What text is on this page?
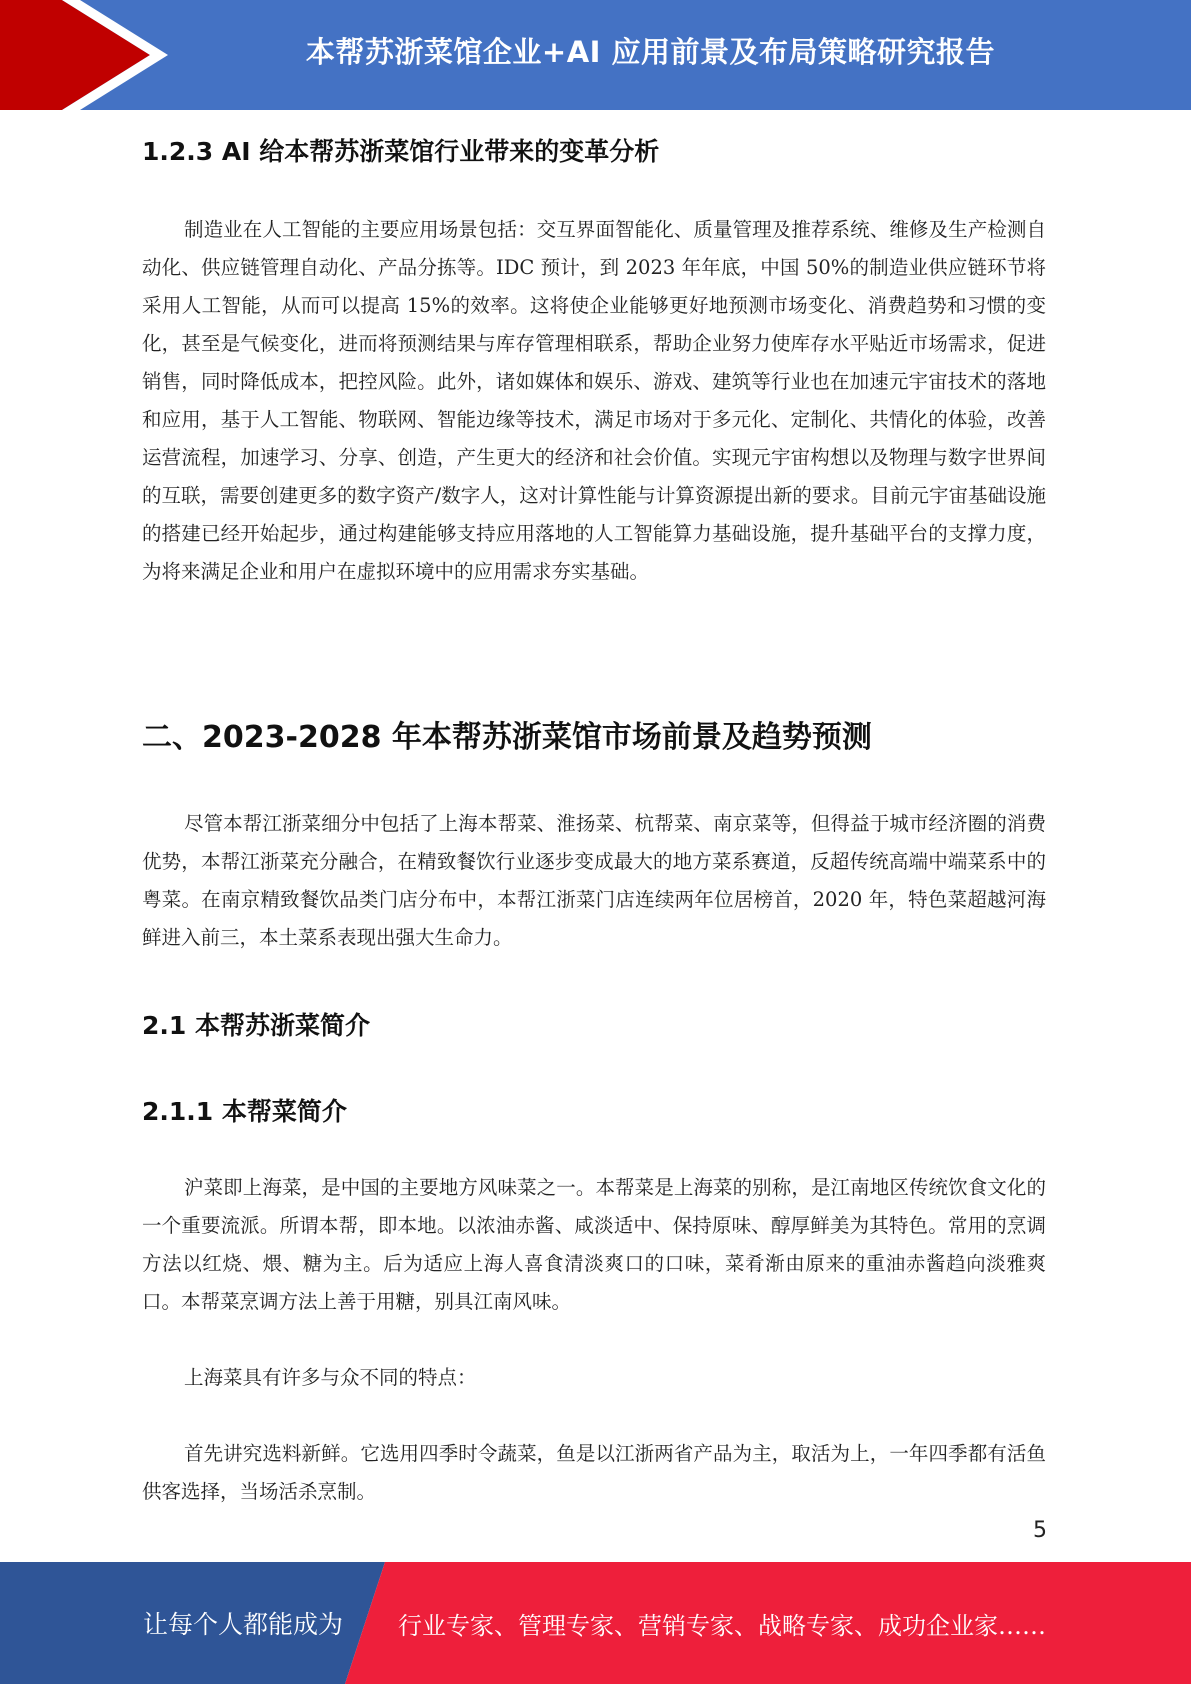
本帮苏浙菜馆企业+AI 应用前景及布局策略研究报告
1.2.3 AI 给本帮苏浙菜馆行业带来的变革分析

制造业在人工智能的主要应用场景包括：交互界面智能化、质量管理及推荐系统、维修及生产检测自动化、供应链管理自动化、产品分拣等。IDC 预计，到 2023 年年底，中国 50%的制造业供应链环节将采用人工智能，从而可以提高 15%的效率。这将使企业能够更好地预测市场变化、消费趋势和习惯的变化，甚至是气候变化，进而将预测结果与库存管理相联系，帮助企业努力使库存水平贴近市场需求，促进销售，同时降低成本，把控风险。此外，诸如媒体和娱乐、游戏、建筑等行业也在加速元宇宙技术的落地和应用，基于人工智能、物联网、智能边缘等技术，满足市场对于多元化、定制化、共情化的体验，改善运营流程，加速学习、分享、创造，产生更大的经济和社会价值。实现元宇宙构想以及物理与数字世界间的互联，需要创建更多的数字资产/数字人，这对计算性能与计算资源提出新的要求。目前元宇宙基础设施的搭建已经开始起步，通过构建能够支持应用落地的人工智能算力基础设施，提升基础平台的支撑力度，为将来满足企业和用户在虚拟环境中的应用需求夯实基础。

二、2023-2028 年本帮苏浙菜馆市场前景及趋势预测

尽管本帮江浙菜细分中包括了上海本帮菜、淮扬菜、杭帮菜、南京菜等，但得益于城市经济圈的消费优势，本帮江浙菜充分融合，在精致餐饮行业逐步变成最大的地方菜系赛道，反超传统高端中端菜系中的粤菜。在南京精致餐饮品类门店分布中，本帮江浙菜门店连续两年位居榜首，2020 年，特色菜超越河海鲜进入前三，本土菜系表现出强大生命力。

2.1 本帮苏浙菜简介
2.1.1 本帮菜简介

沪菜即上海菜，是中国的主要地方风味菜之一。本帮菜是上海菜的别称，是江南地区传统饮食文化的一个重要流派。所谓本帮，即本地。以浓油赤酱、咸淡适中、保持原味、醇厚鲜美为其特色。常用的烹调方法以红烧、煨、糖为主。后为适应上海人喜食清淡爽口的口味，菜肴渐由原来的重油赤酱趋向淡雅爽口。本帮菜烹调方法上善于用糖，别具江南风味。

上海菜具有许多与众不同的特点：

首先讲究选料新鲜。它选用四季时令蔬菜，鱼是以江浙两省产品为主，取活为上，一年四季都有活鱼供客选择，当场活杀烹制。

5
让每个人都能成为 行业专家、管理专家、营销专家、战略专家、成功企业家……
